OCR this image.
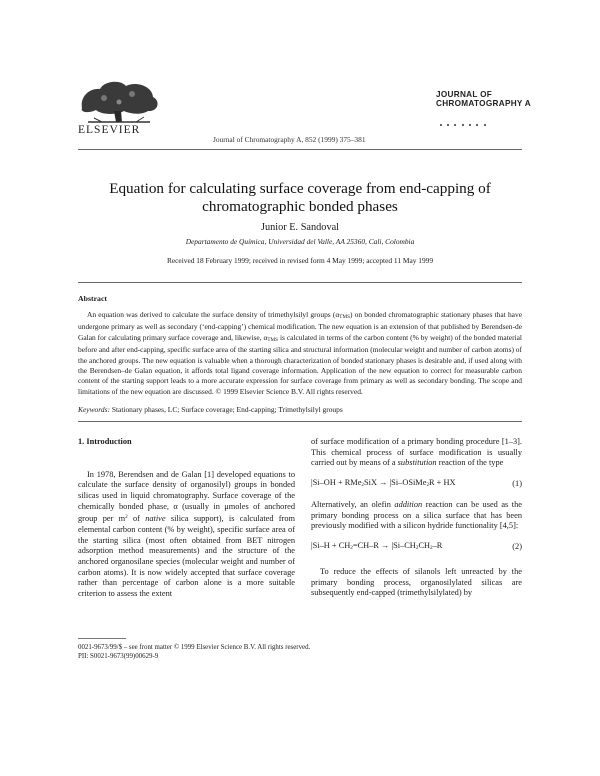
ELSEVIER
Journal of Chromatography A, 852 (1999) 375–381
JOURNAL OF
CHROMATOGRAPHY A
Equation for calculating surface coverage from end-capping of
chromatographic bonded phases
Junior E. Sandoval
Departamento de Química, Universidad del Valle, AA 25360, Cali, Colombia
Received 18 February 1999; received in revised form 4 May 1999; accepted 11 May 1999
Abstract
An equation was derived to calculate the surface density of trimethylsilyl groups $(\alpha_{TMS})$ on bonded chromatographic stationary phases that have undergone primary as well as secondary (‘end-capping’) chemical modification. The new equation is an extension of that published by Berendsen-de Galan for calculating primary surface coverage and, likewise, $\alpha_{TMS}$ is calculated in terms of the carbon content (% by weight) of the bonded material before and after end-capping, specific surface area of the starting silica and structural information (molecular weight and number of carbon atoms) of the anchored groups. The new equation is valuable when a thorough characterization of bonded stationary phases is desirable and, if used along with the Berendsen–de Galan equation, it affords total ligand coverage information. Application of the new equation to correct for measurable carbon content of the starting support leads to a more accurate expression for surface coverage from primary as well as secondary bonding. The scope and limitations of the new equation are discussed. © 1999 Elsevier Science B.V. All rights reserved.
Keywords: Stationary phases, LC; Surface coverage; End-capping; Trimethylsilyl groups
1. Introduction

In 1978, Berendsen and de Galan [1] developed equations to calculate the surface density of organosilyl) groups in bonded silicas used in liquid chromatography. Surface coverage of the chemically bonded phase, α (usually in μmoles of anchored group per $m^2$ of native silica support), is calculated from elemental carbon content (% by weight), specific surface area of the starting silica (most often obtained from BET nitrogen adsorption method measurements) and the structure of the anchored organosilane species (molecular weight and number of carbon atoms). It is now widely accepted that surface coverage rather than percentage of carbon alone is a more suitable criterion to assess the extent

of surface modification of a primary bonding procedure [1–3]. This chemical process of surface modification is usually carried out by means of a substitution reaction of the type

|Si–OH + RMe$_2$SiX → |Si–OSiMe$_2$R + HX	(1)

Alternatively, an olefin addition reaction can be used as the primary bonding process on a silica surface that has been previously modified with a silicon hydride functionality [4,5]:

$|Si-H + CH_2=CH-R \to |Si-CH_2CH_2-R$	(2)

To reduce the effects of silanols left unreacted by the primary bonding process, organosilylated silicas are subsequently end-capped (trimethylsilylated) by

0021-9673/99/$ – see front matter © 1999 Elsevier Science B.V. All rights reserved.
PII: S0021-9673(99)00629-9
